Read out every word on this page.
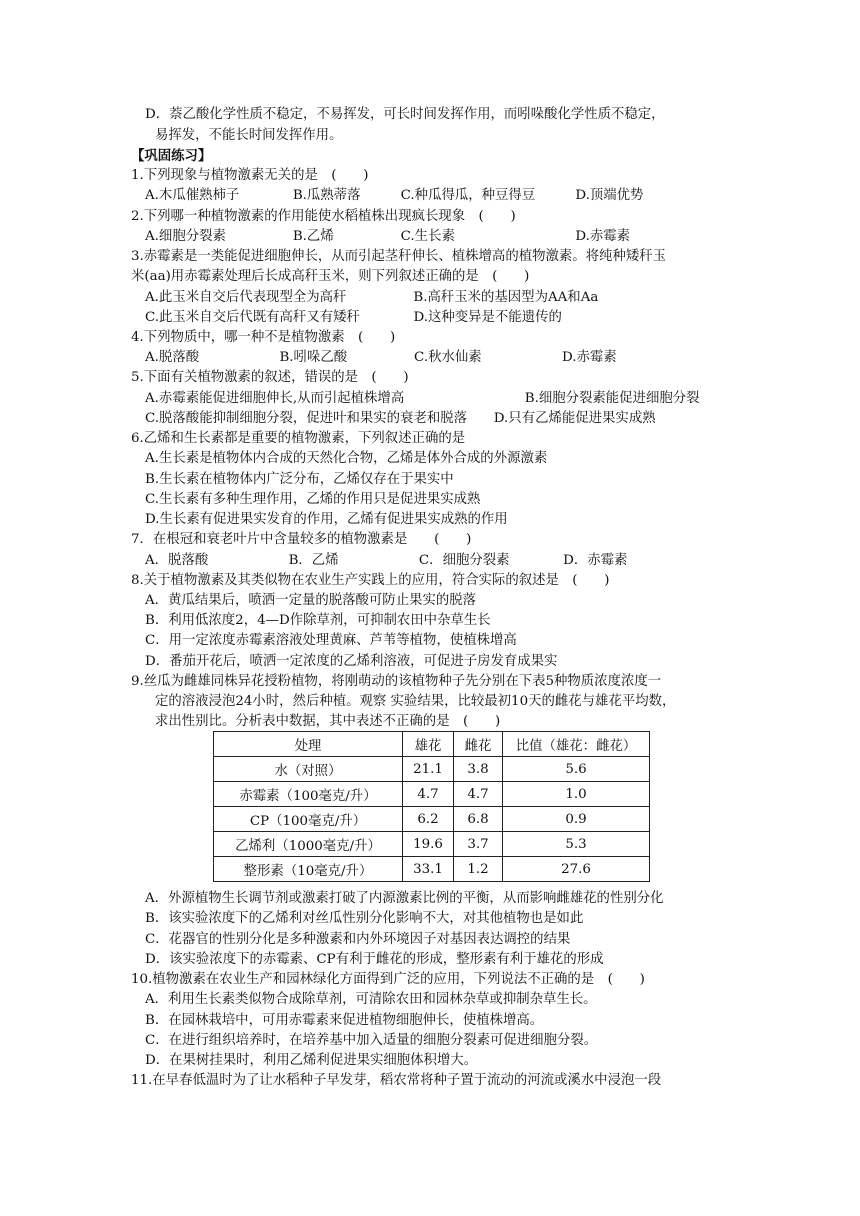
D．萘乙酸化学性质不稳定，不易挥发，可长时间发挥作用，而吲哚酸化学性质不稳定，
易挥发，不能长时间发挥作用。
【巩固练习】
1.下列现象与植物激素无关的是　(　　)
A.木瓜催熟柿子　　　　B.瓜熟蒂落　　　C.种瓜得瓜，种豆得豆　　　D.顶端优势
2.下列哪一种植物激素的作用能使水稻植株出现疯长现象　(　　)
A.细胞分裂素　　　　　B.乙烯　　　　　C.生长素　　　　　　　　　D.赤霉素
3.赤霉素是一类能促进细胞伸长，从而引起茎秆伸长、植株增高的植物激素。将纯种矮秆玉
米(aa)用赤霉素处理后长成高秆玉米，则下列叙述正确的是　(　　)
A.此玉米自交后代表现型全为高秆　　　　　B.高秆玉米的基因型为AA和Aa
C.此玉米自交后代既有高秆又有矮秆　　　　D.这种变异是不能遗传的
4.下列物质中，哪一种不是植物激素　(　　)
A.脱落酸　　　　　　B.吲哚乙酸　　　　　C.秋水仙素　　　　　　D.赤霉素
5.下面有关植物激素的叙述，错误的是　(　　)
A.赤霉素能促进细胞伸长,从而引起植株增高　　　　　　　　　B.细胞分裂素能促进细胞分裂
C.脱落酸能抑制细胞分裂，促进叶和果实的衰老和脱落　　D.只有乙烯能促进果实成熟
6.乙烯和生长素都是重要的植物激素，下列叙述正确的是
A.生长素是植物体内合成的天然化合物，乙烯是体外合成的外源激素
B.生长素在植物体内广泛分布，乙烯仅存在于果实中
C.生长素有多种生理作用，乙烯的作用只是促进果实成熟
D.生长素有促进果实发育的作用，乙烯有促进果实成熟的作用
7．在根冠和衰老叶片中含量较多的植物激素是　　(　　)
A．脱落酸　　　　　　B．乙烯　　　　　　C．细胞分裂素　　　　D．赤霉素
8.关于植物激素及其类似物在农业生产实践上的应用，符合实际的叙述是　(　　)
A．黄瓜结果后，喷洒一定量的脱落酸可防止果实的脱落
B．利用低浓度2，4—D作除草剂，可抑制农田中杂草生长
C．用一定浓度赤霉素溶液处理黄麻、芦苇等植物，使植株增高
D．番茄开花后，喷洒一定浓度的乙烯利溶液，可促进子房发育成果实
9.丝瓜为雌雄同株异花授粉植物，将刚萌动的该植物种子先分别在下表5种物质浓度浓度一
定的溶液浸泡24小时，然后种植。观察 实验结果，比较最初10天的雌花与雄花平均数，
求出性别比。分析表中数据，其中表述不正确的是　(　　)
处理	雄花	雌花	比值（雄花：雌花）
水（对照）	21.1	3.8	5.6
赤霉素（100毫克/升）	4.7	4.7	1.0
CP（100毫克/升）	6.2	6.8	0.9
乙烯利（1000毫克/升）	19.6	3.7	5.3
整形素（10毫克/升）	33.1	1.2	27.6
A．外源植物生长调节剂或激素打破了内源激素比例的平衡，从而影响雌雄花的性别分化
B．该实验浓度下的乙烯利对丝瓜性别分化影响不大，对其他植物也是如此
C．花器官的性别分化是多种激素和内外环境因子对基因表达调控的结果
D．该实验浓度下的赤霉素、CP有利于雌花的形成，整形素有利于雄花的形成
10.植物激素在农业生产和园林绿化方面得到广泛的应用，下列说法不正确的是　(　　)
A．利用生长素类似物合成除草剂，可清除农田和园林杂草或抑制杂草生长。
B．在园林栽培中，可用赤霉素来促进植物细胞伸长，使植株增高。
C．在进行组织培养时，在培养基中加入适量的细胞分裂素可促进细胞分裂。
D．在果树挂果时，利用乙烯利促进果实细胞体积增大。
11.在早春低温时为了让水稻种子早发芽，稻农常将种子置于流动的河流或溪水中浸泡一段
